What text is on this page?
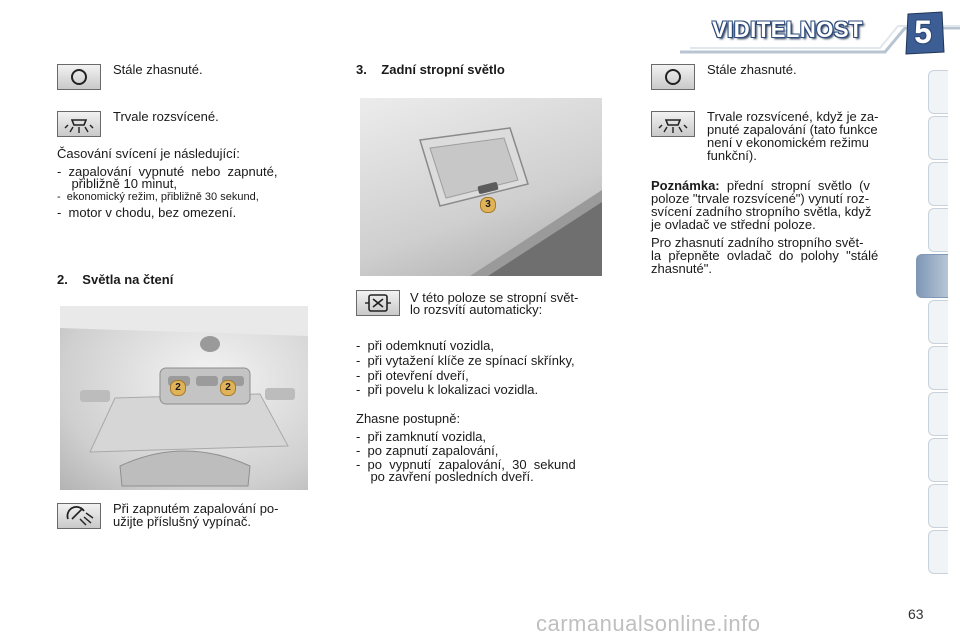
VIDITELNOST 5
Stále zhasnuté.
Trvale rozsvícené.
Časování svícení je následující:
-  zapalování  vypnuté  nebo  zapnuté,
přibližně 10 minut,
-  ekonomický režim, přibližně 30 sekund,
-  motor v chodu, bez omezení.
2.    Světla na čtení
2	2
Při zapnutém zapalování po-
užijte příslušný vypínač.
3.    Zadní stropní světlo
3
V této poloze se stropní svět-
lo rozsvítí automaticky:
-  při odemknutí vozidla,
-  při vytažení klíče ze spínací skřínky,
-  při otevření dveří,
-  při povelu k lokalizaci vozidla.
Zhasne postupně:
-  při zamknutí vozidla,
-  po zapnutí zapalování,
-  po  vypnutí  zapalování,  30  sekund
po zavření posledních dveří.
Stále zhasnuté.
Trvale rozsvícené, když je za-
pnuté zapalování (tato funkce
není v ekonomickém režimu
funkční).
Poznámka:  přední  stropní  světlo  (v
poloze "trvale rozsvícené") vynutí roz-
svícení zadního stropního světla, když
je ovladač ve střední poloze.
Pro zhasnutí zadního stropního svět-
la  přepněte  ovladač  do  polohy  "stálé
zhasnuté".
63
carmanualsonline.info
